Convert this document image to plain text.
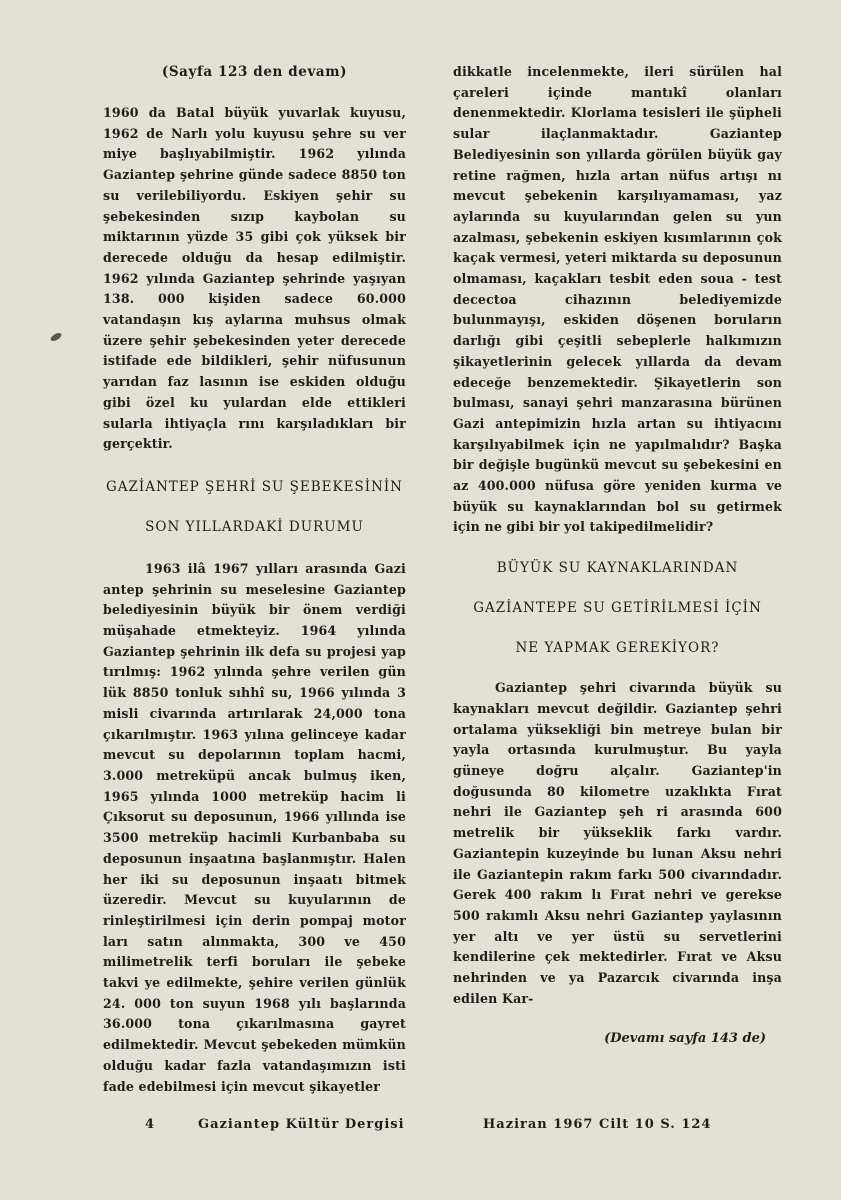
(Sayfa 123 den devam)

1960 da Batal büyük yuvarlak kuyusu, 1962 de Narlı yolu kuyusu şehre su ver miye başlıyabilmiştir. 1962 yılında Gaziantep şehrine günde sadece 8850 ton su verilebiliyordu. Eskiyen şehir su şebekesinden sızıp kaybolan su miktarının yüzde 35 gibi çok yüksek bir derecede olduğu da hesap edilmiştir. 1962 yılında Gaziantep şehrinde yaşıyan 138. 000 kişiden sadece 60.000 vatandaşın kış aylarına muhsus olmak üzere şehir şebekesinden yeter derecede istifade ede bildikleri, şehir nüfusunun yarıdan faz lasının ise eskiden olduğu gibi özel ku yulardan elde ettikleri sularla ihtiyaçla rını karşıladıkları bir gerçektir.

GAZİANTEP ŞEHRİ SU ŞEBEKESİNİN
SON YILLARDAKİ DURUMU

1963 ilâ 1967 yılları arasında Gazi antep şehrinin su meselesine Gaziantep belediyesinin büyük bir önem verdiği müşahade etmekteyiz. 1964 yılında Gaziantep şehrinin ilk defa su projesi yap tırılmış: 1962 yılında şehre verilen gün lük 8850 tonluk sıhhî su, 1966 yılında 3 misli civarında artırılarak 24,000 tona çıkarılmıştır. 1963 yılına gelinceye kadar mevcut su depolarının toplam hacmi, 3.000 metreküpü ancak bulmuş iken, 1965 yılında 1000 metreküp hacim li Çıksorut su deposunun, 1966 yıllında ise 3500 metreküp hacimli Kurbanbaba su deposunun inşaatına başlanmıştır. Halen her iki su deposunun inşaatı bitmek üzeredir. Mevcut su kuyularının de rinleştirilmesi için derin pompaj motor ları satın alınmakta, 300 ve 450 milimetrelik terfi boruları ile şebeke takvi ye edilmekte, şehire verilen günlük 24. 000 ton suyun 1968 yılı başlarında 36.000 tona çıkarılmasına gayret edilmektedir. Mevcut şebekeden mümkün olduğu kadar fazla vatandaşımızın isti fade edebilmesi için mevcut şikayetler

dikkatle incelenmekte, ileri sürülen hal çareleri içinde mantıkî olanları denenmektedir. Klorlama tesisleri ile şüpheli sular ilaçlanmaktadır. Gaziantep Belediyesinin son yıllarda görülen büyük gay retine rağmen, hızla artan nüfus artışı nı mevcut şebekenin karşılıyamaması, yaz aylarında su kuyularından gelen su yun azalması, şebekenin eskiyen kısımlarının çok kaçak vermesi, yeteri miktarda su deposunun olmaması, kaçakları tesbit eden soua - test decectoa cihazının belediyemizde bulunmayışı, eskiden döşenen boruların darlığı gibi çeşitli sebeplerle halkımızın şikayetlerinin gelecek yıllarda da devam edeceğe benzemektedir. Şikayetlerin son bulması, sanayi şehri manzarasına bürünen Gazi antepimizin hızla artan su ihtiyacını karşılıyabilmek için ne yapılmalıdır? Başka bir değişle bugünkü mevcut su şebekesini en az 400.000 nüfusa göre yeniden kurma ve büyük su kaynaklarından bol su getirmek için ne gibi bir yol takipedilmelidir?

BÜYÜK SU KAYNAKLARINDAN
GAZİANTEPE SU GETİRİLMESİ İÇİN
NE YAPMAK GEREKİYOR?

Gaziantep şehri civarında büyük su kaynakları mevcut değildir. Gaziantep şehri ortalama yüksekliği bin metreye bulan bir yayla ortasında kurulmuştur. Bu yayla güneye doğru alçalır. Gaziantep'in doğusunda 80 kilometre uzaklıkta Fırat nehri ile Gaziantep şeh ri arasında 600 metrelik bir yükseklik farkı vardır. Gaziantepin kuzeyinde bu lunan Aksu nehri ile Gaziantepin rakım farkı 500 civarındadır. Gerek 400 rakım lı Fırat nehri ve gerekse 500 rakımlı Aksu nehri Gaziantep yaylasının yer altı ve yer üstü su servetlerini kendilerine çek mektedirler. Fırat ve Aksu nehrinden ve ya Pazarcık civarında inşa edilen Kar-

(Devamı sayfa 143 de)
4	Gaziantep Kültür Dergisi	Haziran 1967 Cilt 10 S. 124
